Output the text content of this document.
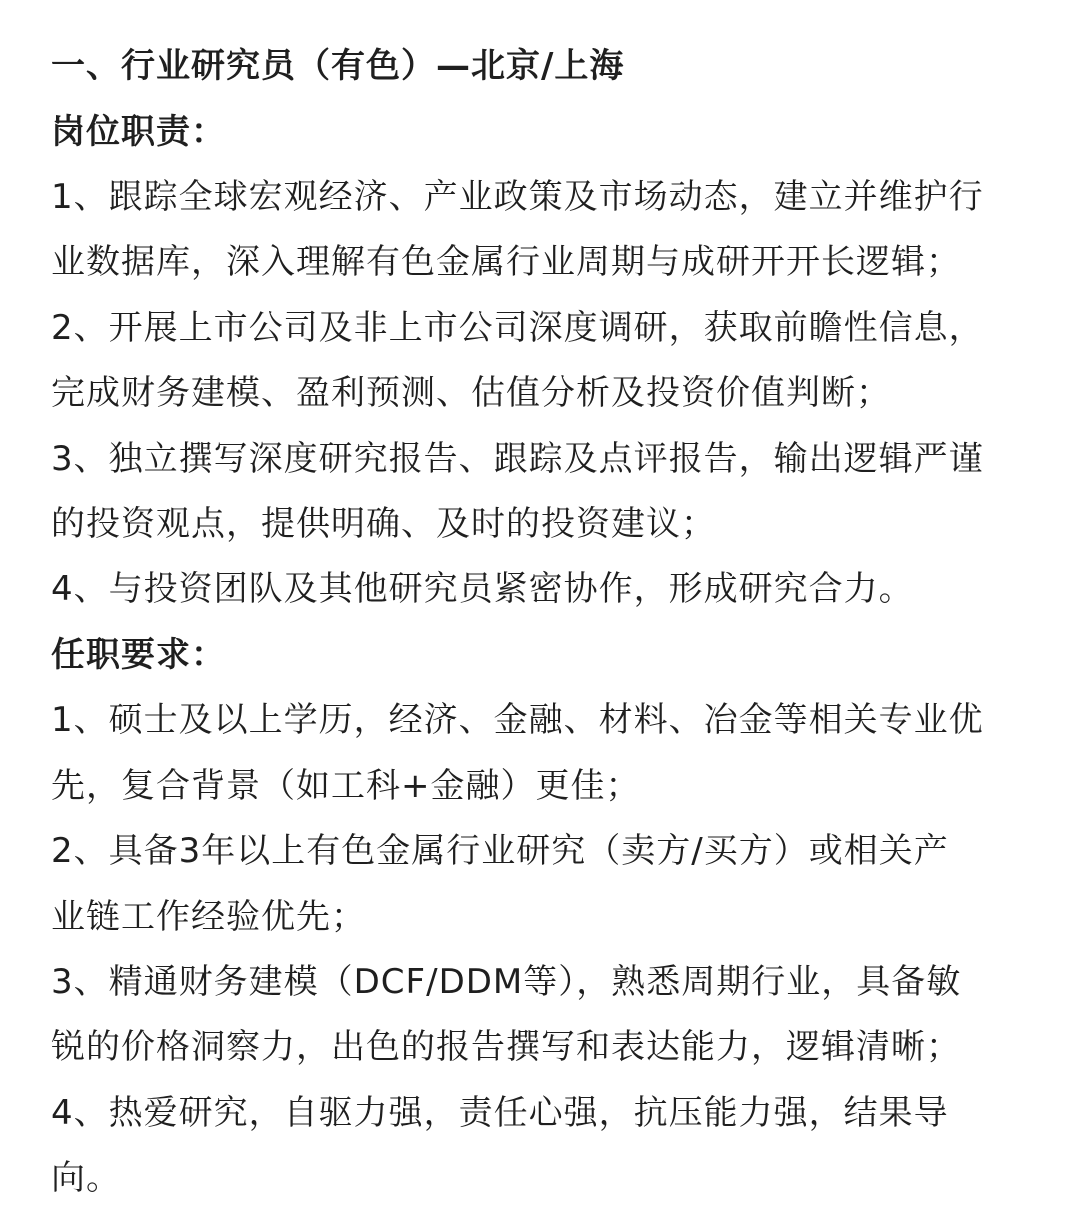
一、行业研究员（有色）—北京/上海
岗位职责：
1、跟踪全球宏观经济、产业政策及市场动态，建立并维护行
业数据库，深入理解有色金属行业周期与成研开开长逻辑；
2、开展上市公司及非上市公司深度调研，获取前瞻性信息，
完成财务建模、盈利预测、估值分析及投资价值判断；
3、独立撰写深度研究报告、跟踪及点评报告，输出逻辑严谨
的投资观点，提供明确、及时的投资建议；
4、与投资团队及其他研究员紧密协作，形成研究合力。
任职要求：
1、硕士及以上学历，经济、金融、材料、冶金等相关专业优
先，复合背景（如工科+金融）更佳；
2、具备3年以上有色金属行业研究（卖方/买方）或相关产
业链工作经验优先；
3、精通财务建模（DCF/DDM等），熟悉周期行业，具备敏
锐的价格洞察力，出色的报告撰写和表达能力，逻辑清晰；
4、热爱研究，自驱力强，责任心强，抗压能力强，结果导
向。
